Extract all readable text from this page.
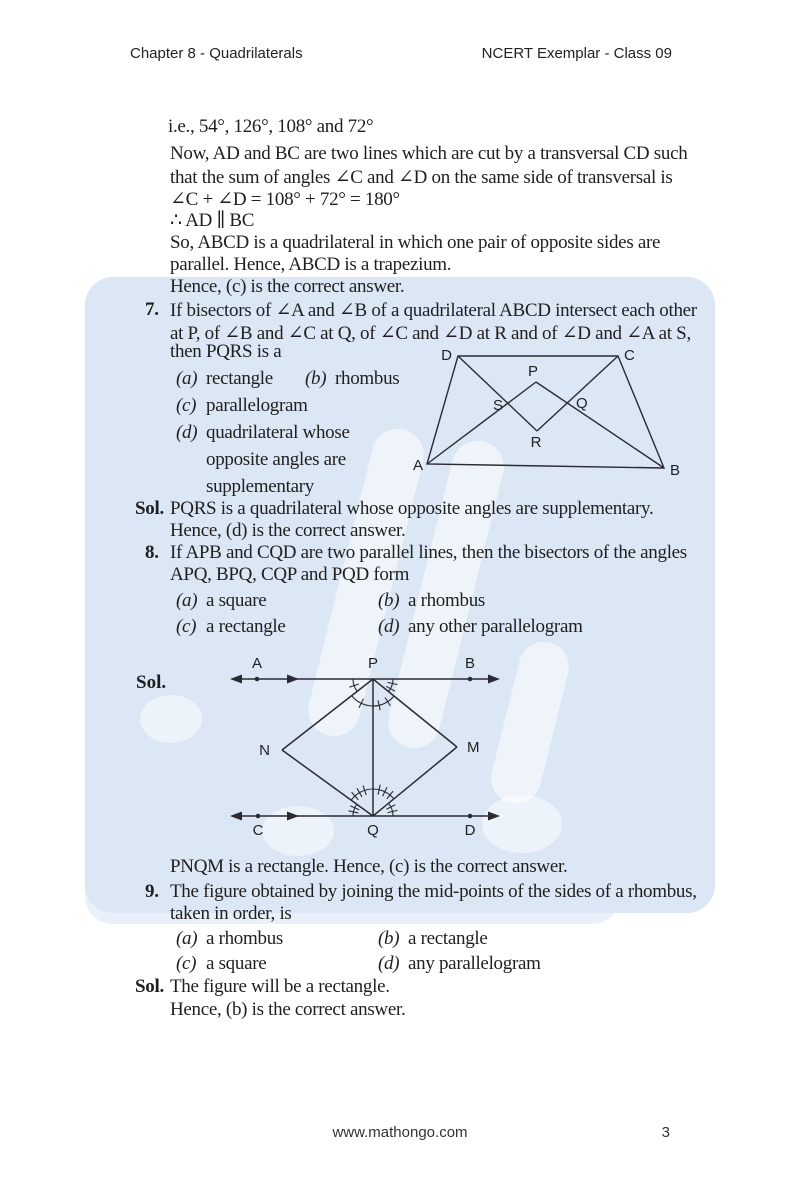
Chapter 8 - Quadrilaterals	NCERT Exemplar - Class 09
i.e., 54°, 126°, 108° and 72°
Now, AD and BC are two lines which are cut by a transversal CD such
that the sum of angles ∠C and ∠D on the same side of transversal is
∠C + ∠D = 108° + 72° = 180°
∴ AD ∥ BC
So, ABCD is a quadrilateral in which one pair of opposite sides are
parallel. Hence, ABCD is a trapezium.
Hence, (c) is the correct answer.
7. If bisectors of ∠A and ∠B of a quadrilateral ABCD intersect each other
at P, of ∠B and ∠C at Q, of ∠C and ∠D at R and of ∠D and ∠A at S,
then PQRS is a
(a) rectangle (b) rhombus
(c) parallelogram
(d) quadrilateral whose
opposite angles are
supplementary
D	C
P
S	Q
R
A	B
Sol. PQRS is a quadrilateral whose opposite angles are supplementary.
Hence, (d) is the correct answer.
8. If APB and CQD are two parallel lines, then the bisectors of the angles
APQ, BPQ, CQP and PQD form
(a) a square	(b) a rhombus
(c) a rectangle	(d) any other parallelogram
Sol.
A	P	B
N	M
C	Q	D
PNQM is a rectangle. Hence, (c) is the correct answer.
9. The figure obtained by joining the mid-points of the sides of a rhombus,
taken in order, is
(a) a rhombus	(b) a rectangle
(c) a square	(d) any parallelogram
Sol. The figure will be a rectangle.
Hence, (b) is the correct answer.
www.mathongo.com	3
